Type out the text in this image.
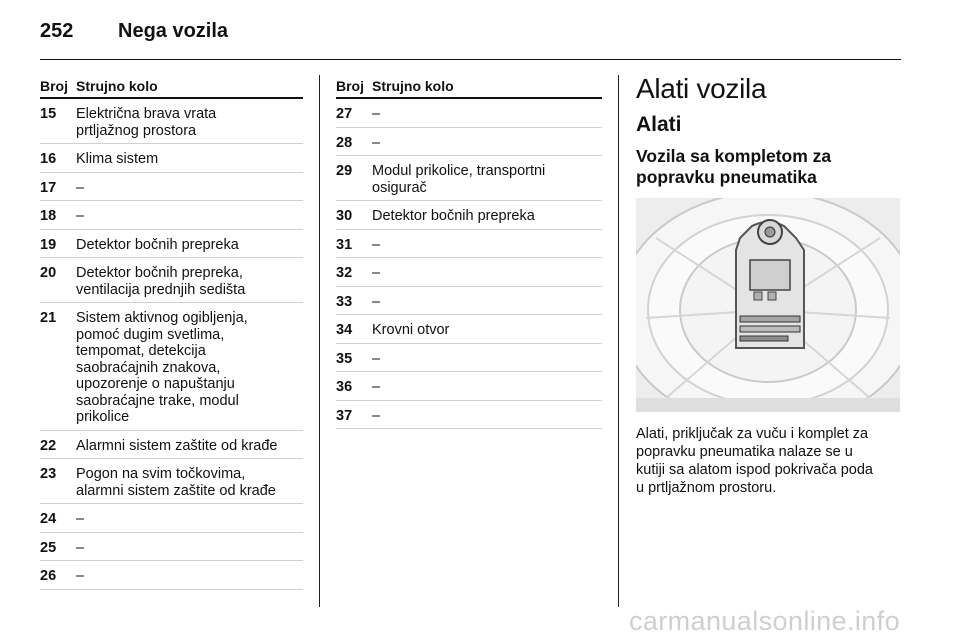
252	Nega vozila
Broj Strujno kolo
15	Električna brava vrata
prtljažnog prostora
16	Klima sistem
17	–
18	–
19	Detektor bočnih prepreka
20	Detektor bočnih prepreka,
ventilacija prednjih sedišta
21	Sistem aktivnog ogibljenja,
pomoć dugim svetlima,
tempomat, detekcija
saobraćajnih znakova,
upozorenje o napuštanju
saobraćajne trake, modul
prikolice
22	Alarmni sistem zaštite od krađe
23	Pogon na svim točkovima,
alarmni sistem zaštite od krađe
24	–
25	–
26	–
Broj Strujno kolo
27	–
28	–
29	Modul prikolice, transportni
osigurač
30	Detektor bočnih prepreka
31	–
32	–
33	–
34	Krovni otvor
35	–
36	–
37	–
Alati vozila
Alati
Vozila sa kompletom za
popravku pneumatika

Alati, priključak za vuču i komplet za
popravku pneumatika nalaze se u
kutiji sa alatom ispod pokrivača poda
u prtljažnom prostoru.

carmanualsonline.info
